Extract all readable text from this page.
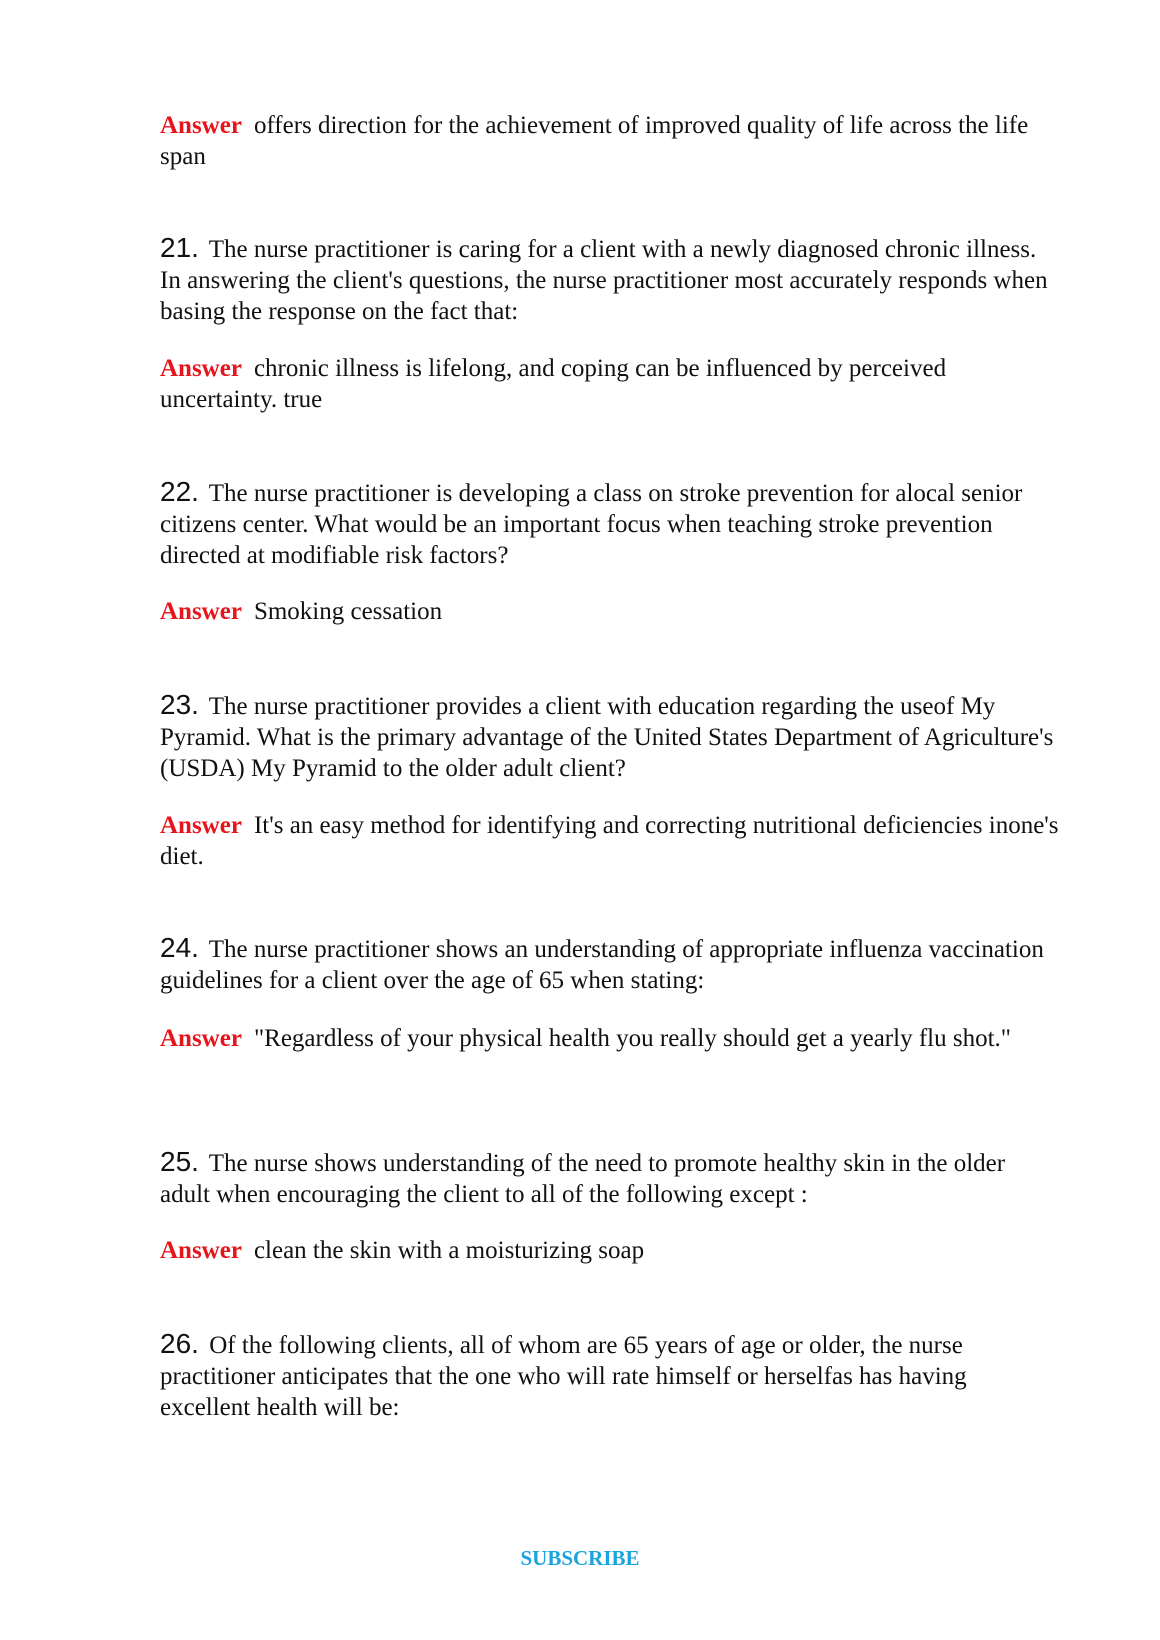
Answer offers direction for the achievement of improved quality of life across the life span

21. The nurse practitioner is caring for a client with a newly diagnosed chronic illness. In answering the client's questions, the nurse practitioner most accurately responds when basing the response on the fact that:

Answer chronic illness is lifelong, and coping can be influenced by perceived uncertainty. true

22. The nurse practitioner is developing a class on stroke prevention for alocal senior citizens center. What would be an important focus when teaching stroke prevention directed at modifiable risk factors?

Answer Smoking cessation

23. The nurse practitioner provides a client with education regarding the useof My Pyramid. What is the primary advantage of the United States Department of Agriculture's (USDA) My Pyramid to the older adult client?

Answer It's an easy method for identifying and correcting nutritional deficiencies inone's diet.

24. The nurse practitioner shows an understanding of appropriate influenza vaccination guidelines for a client over the age of 65 when stating:

Answer "Regardless of your physical health you really should get a yearly flu shot."

25. The nurse shows understanding of the need to promote healthy skin in the older adult when encouraging the client to all of the following except :

Answer clean the skin with a moisturizing soap

26. Of the following clients, all of whom are 65 years of age or older, the nurse practitioner anticipates that the one who will rate himself or herselfas has having excellent health will be:

SUBSCRIBE
